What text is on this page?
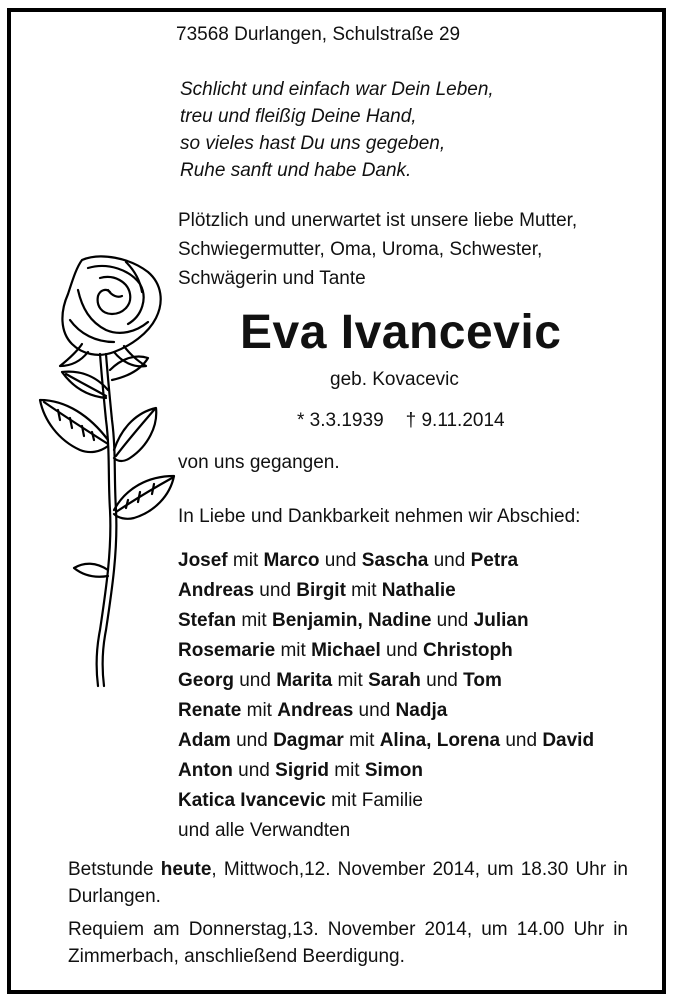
73568 Durlangen, Schulstraße 29
Schlicht und einfach war Dein Leben,
treu und fleißig Deine Hand,
so vieles hast Du uns gegeben,
Ruhe sanft und habe Dank.
Plötzlich und unerwartet ist unsere liebe Mutter,
Schwiegermutter, Oma, Uroma, Schwester,
Schwägerin und Tante
Eva Ivancevic
geb. Kovacevic
* 3.3.1939 † 9.11.2014
von uns gegangen.
In Liebe und Dankbarkeit nehmen wir Abschied:
Josef mit Marco und Sascha und Petra
Andreas und Birgit mit Nathalie
Stefan mit Benjamin, Nadine und Julian
Rosemarie mit Michael und Christoph
Georg und Marita mit Sarah und Tom
Renate mit Andreas und Nadja
Adam und Dagmar mit Alina, Lorena und David
Anton und Sigrid mit Simon
Katica Ivancevic mit Familie
und alle Verwandten

Betstunde heute, Mittwoch,12. November 2014, um 18.30 Uhr in Durlangen.

Requiem am Donnerstag,13. November 2014, um 14.00 Uhr in Zimmerbach, anschließend Beerdigung.
